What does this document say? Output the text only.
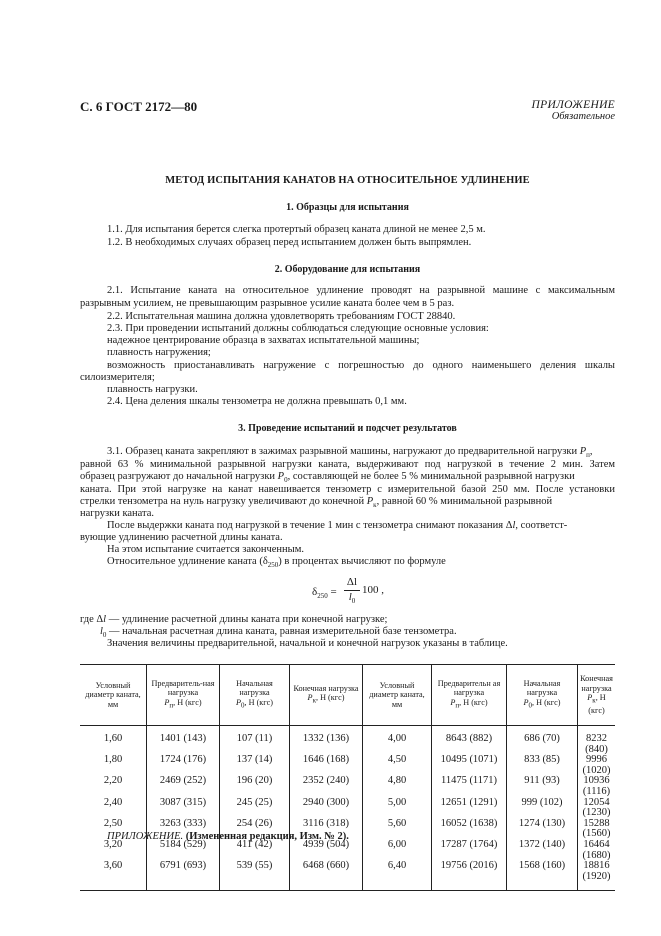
С. 6 ГОСТ 2172—80	ПРИЛОЖЕНИЕ
Обязательное
МЕТОД ИСПЫТАНИЯ КАНАТОВ НА ОТНОСИТЕЛЬНОЕ УДЛИНЕНИЕ
1. Образцы для испытания
1.1. Для испытания берется слегка протертый образец каната длиной не менее 2,5 м.
1.2. В необходимых случаях образец перед испытанием должен быть выпрямлен.
2. Оборудование для испытания
2.1. Испытание каната на относительное удлинение проводят на разрывной машине с максимальным
разрывным усилием, не превышающим разрывное усилие каната более чем в 5 раз.
2.2. Испытательная машина должна удовлетворять требованиям ГОСТ 28840.
2.3. При проведении испытаний должны соблюдаться следующие основные условия:
надежное центрирование образца в захватах испытательной машины;
плавность нагружения;
возможность приостанавливать нагружение с погрешностью до одного наименьшего деления шкалы
силоизмерителя;
плавность нагрузки.
2.4. Цена деления шкалы тензометра не должна превышать 0,1 мм.
3. Проведение испытаний и подсчет результатов
3.1. Образец каната закрепляют в зажимах разрывной машины, нагружают до предварительной нагрузки $P_п$,
равной 63 % минимальной разрывной нагрузки каната, выдерживают под нагрузкой в течение 2 мин. Затем
образец разгружают до начальной нагрузки $P_0$, составляющей не более 5 % минимальной разрывной нагрузки
каната. При этой нагрузке на канат навешивается тензометр с измерительной базой 250 мм. После установки
стрелки тензометра на нуль нагрузку увеличивают до конечной $P_к$, равной 60 % минимальной разрывной
нагрузки каната.
После выдержки каната под нагрузкой в течение 1 мин с тензометра снимают показания Δl, соответст-
вующие удлинению расчетной длины каната.
На этом испытание считается законченным.
Относительное удлинение каната $(\delta_{250})$ в процентах вычисляют по формуле
$\delta_{250}$ =
Δl
$l_0$
100 ,
где Δl — удлинение расчетной длины каната при конечной нагрузке;
$l_0$ — начальная расчетная длина каната, равная измерительной базе тензометра.
Значения величины предварительной, начальной и конечной нагрузок указаны в таблице.
Условный диаметр каната, мм	Предваритель-ная нагрузка
$P_п$, Н (кгс)	Начальная нагрузка
$P_0$, Н (кгс)	Конечная нагрузка
$P_к$, Н (кгс)	Условный диаметр каната, мм	Предварительн ая нагрузка
$P_п$, Н (кгс)	Начальная нагрузка
$P_0$, Н (кгс)	Конечная нагрузка
$P_к$, Н (кгс)

1,60	1401 (143)	107 (11)	1332 (136)	4,00	8643 (882)	686 (70)	8232 (840)
1,80	1724 (176)	137 (14)	1646 (168)	4,50	10495 (1071)	833 (85)	9996 (1020)
2,20	2469 (252)	196 (20)	2352 (240)	4,80	11475 (1171)	911 (93)	10936 (1116)
2,40	3087 (315)	245 (25)	2940 (300)	5,00	12651 (1291)	999 (102)	12054 (1230)
2,50	3263 (333)	254 (26)	3116 (318)	5,60	16052 (1638)	1274 (130)	15288 (1560)
3,20	5184 (529)	411 (42)	4939 (504)	6,00	17287 (1764)	1372 (140)	16464 (1680)
3,60	6791 (693)	539 (55)	6468 (660)	6,40	19756 (2016)	1568 (160)	18816 (1920)

ПРИЛОЖЕНИЕ. (Измененная редакция, Изм. № 2).
